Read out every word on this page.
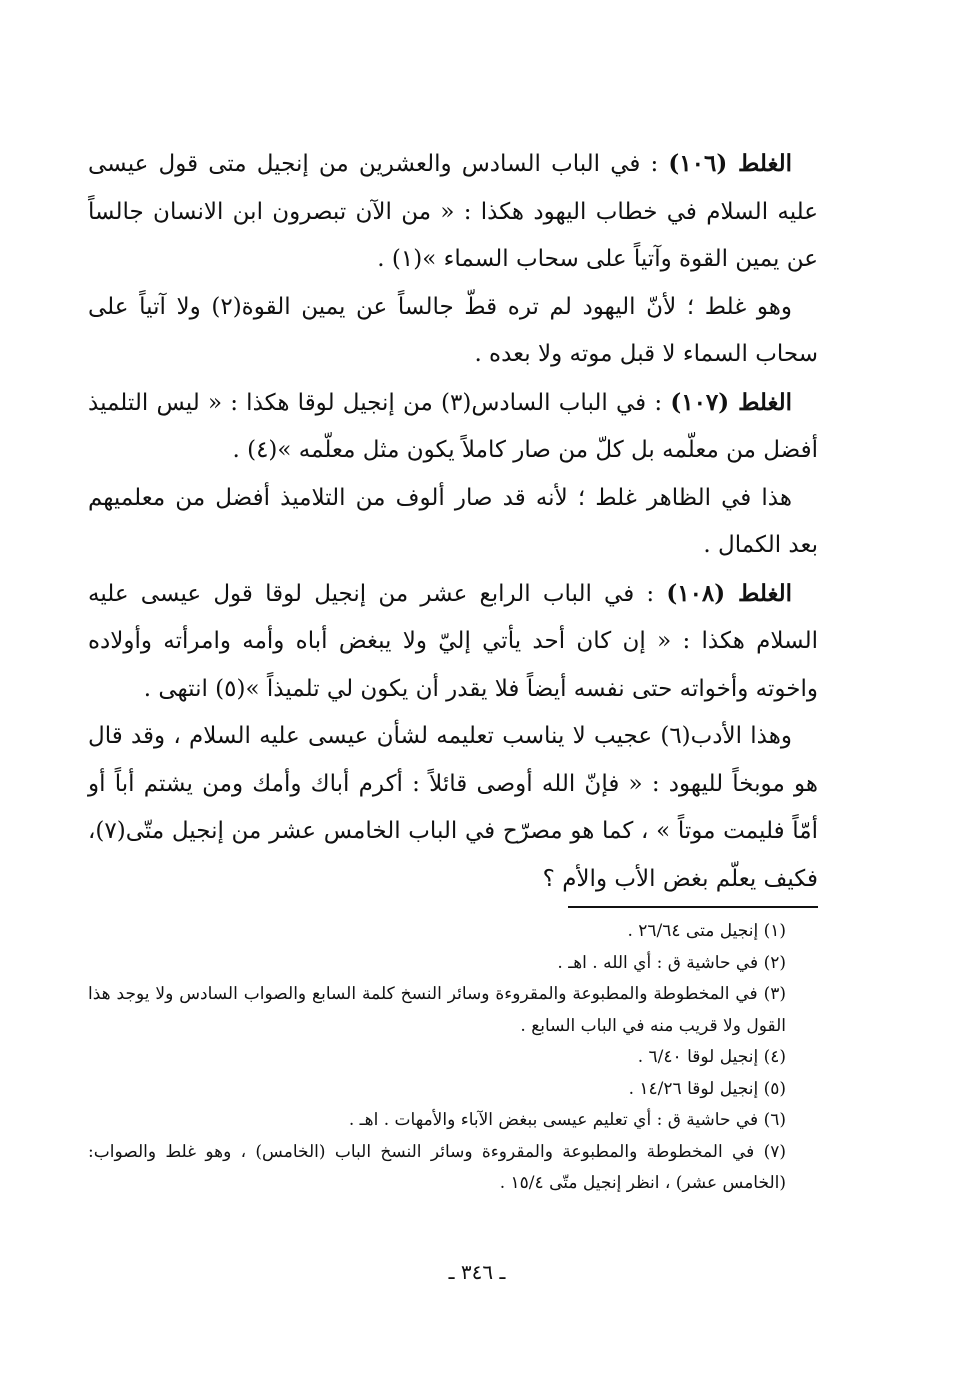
الغلط (١٠٦) : في الباب السادس والعشرين من إنجيل متى قول عيسى عليه السلام في خطاب اليهود هكذا : « من الآن تبصرون ابن الانسان جالساً عن يمين القوة وآتياً على سحاب السماء »(١) .

وهو غلط ؛ لأنّ اليهود لم تره قطّ جالساً عن يمين القوة(٢) ولا آتياً على سحاب السماء لا قبل موته ولا بعده .

الغلط (١٠٧) : في الباب السادس(٣) من إنجيل لوقا هكذا : « ليس التلميذ أفضل من معلّمه بل كلّ من صار كاملاً يكون مثل معلّمه »(٤) .

هذا في الظاهر غلط ؛ لأنه قد صار ألوف من التلاميذ أفضل من معلميهم بعد الكمال .

الغلط (١٠٨) : في الباب الرابع عشر من إنجيل لوقا قول عيسى عليه السلام هكذا : « إن كان أحد يأتي إليّ ولا يبغض أباه وأمه وامرأته وأولاده واخوته وأخواته حتى نفسه أيضاً فلا يقدر أن يكون لي تلميذاً »(٥) انتهى .

وهذا الأدب(٦) عجيب لا يناسب تعليمه لشأن عيسى عليه السلام ، وقد قال هو موبخاً لليهود : « فإنّ الله أوصى قائلاً : أكرم أباك وأمك ومن يشتم أباً أو أمّاً فليمت موتاً » ، كما هو مصرّح في الباب الخامس عشر من إنجيل متّى(٧)، فكيف يعلّم بغض الأب والأم ؟

(١) إنجيل متى ٢٦/٦٤ .

(٢) في حاشية ق : أي الله . اهـ .

(٣) في المخطوطة والمطبوعة والمقروءة وسائر النسخ كلمة السابع والصواب السادس ولا يوجد هذا القول ولا قريب منه في الباب السابع .

(٤) إنجيل لوقا ٦/٤٠ .

(٥) إنجيل لوقا ١٤/٢٦ .

(٦) في حاشية ق : أي تعليم عيسى ببغض الآباء والأمهات . اهـ .

(٧) في المخطوطة والمطبوعة والمقروءة وسائر النسخ الباب (الخامس) ، وهو غلط والصواب: (الخامس عشر) ، انظر إنجيل متّى ١٥/٤ .

ـ ٣٤٦ ـ
